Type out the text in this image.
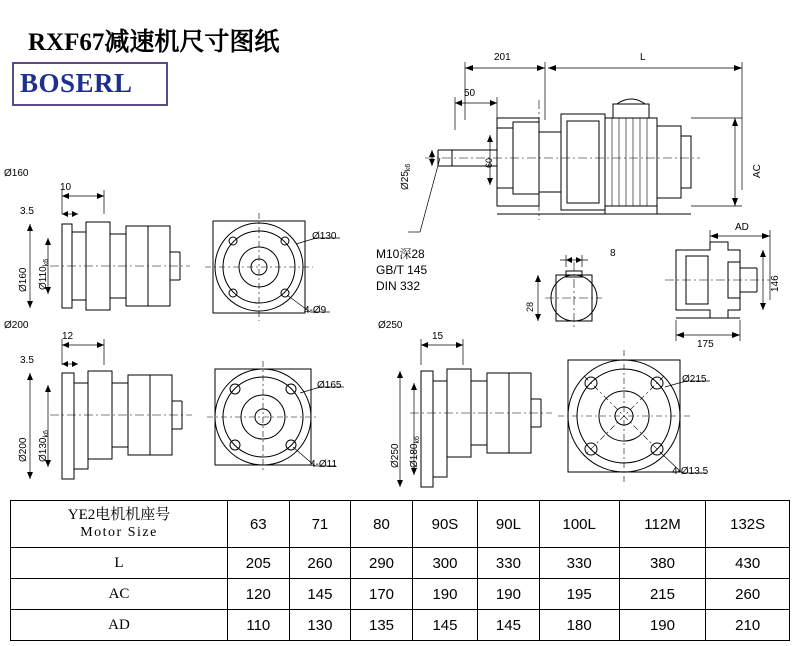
RXF67减速机尺寸图纸
BOSERL
201	L
50
$Ø25_{k6}$	60
AC
M10深28
GB/T 145
DIN 332
8
28
AD
146
175
Ø160
10
3.5
Ø160 $Ø110_{k6}$
Ø130
4-Ø9
Ø200
12
3.5
Ø200 $Ø130_{k6}$
Ø165
4-Ø11
Ø250
15
Ø250 $Ø180_{k6}$
Ø215
4-Ø13.5
YE2电机机座号
Motor Size	63	71	80	90S	90L	100L	112M	132S
L	205	260	290	300	330	330	380	430
AC	120	145	170	190	190	195	215	260
AD	110	130	135	145	145	180	190	210
